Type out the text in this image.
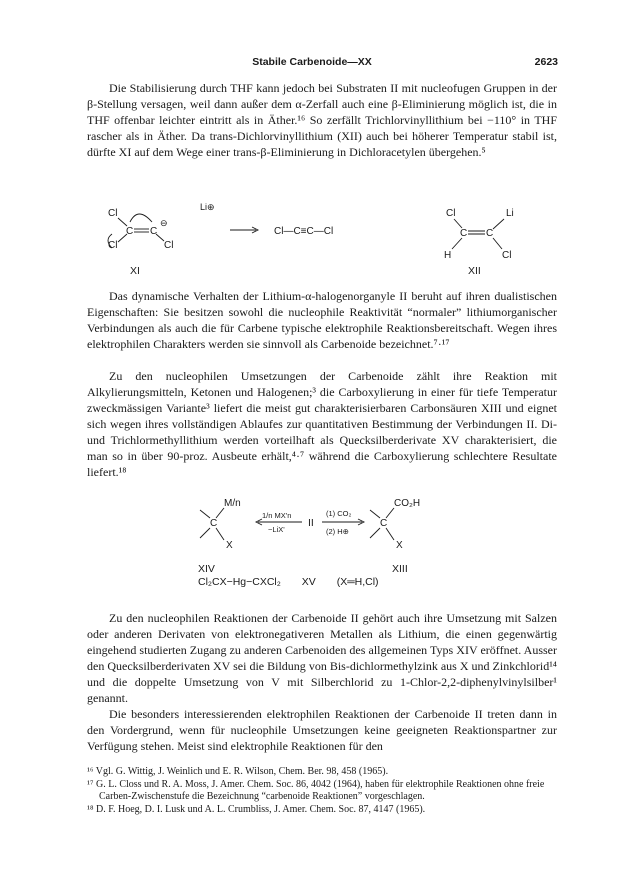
Stabile Carbenoide—XX	2623

Die Stabilisierung durch THF kann jedoch bei Substraten II mit nucleofugen Gruppen in der β-Stellung versagen, weil dann außer dem α-Zerfall auch eine β-Eliminierung möglich ist, die in THF offenbar leichter eintritt als in Äther.¹⁶ So zerfällt Trichlorvinyllithium bei −110° in THF rascher als in Äther. Da trans-Dichlorvinyllithium (XII) auch bei höherer Temperatur stabil ist, dürfte XI auf dem Wege einer trans-β-Eliminierung in Dichloracetylen übergehen.⁵

Cl
Cl
C C
Cl
⊖
Li⊕
XI
Cl—C≡C—Cl
Cl	Li
C C
H	Cl
XII

Das dynamische Verhalten der Lithium-α-halogenorganyle II beruht auf ihren dualistischen Eigenschaften: Sie besitzen sowohl die nucleophile Reaktivität “normaler” lithiumorganischer Verbindungen als auch die für Carbene typische elektrophile Reaktionsbereitschaft. Wegen ihres elektrophilen Charakters werden sie sinnvoll als Carbenoide bezeichnet.⁷·¹⁷

Zu den nucleophilen Umsetzungen der Carbenoide zählt ihre Reaktion mit Alkylierungsmitteln, Ketonen und Halogenen;³ die Carboxylierung in einer für tiefe Temperatur zweckmässigen Variante³ liefert die meist gut charakterisierbaren Carbonsäuren XIII und eignet sich wegen ihres vollständigen Ablaufes zur quantitativen Bestimmung der Verbindungen II. Di- und Trichlormethyllithium werden vorteilhaft als Quecksilberderivate XV charakterisiert, die man so in über 90-proz. Ausbeute erhält,⁴·⁷ während die Carboxylierung schlechtere Resultate liefert.¹⁸

M/n
C
X
XIV
1/n MX'n
−LiX'
II
(1) CO₂
(2) H⊕
CO₂H
C
X
XIII
Cl₂CX−Hg−CXCl₂ XV (X═H,Cl)

Zu den nucleophilen Reaktionen der Carbenoide II gehört auch ihre Umsetzung mit Salzen oder anderen Derivaten von elektronegativeren Metallen als Lithium, die einen gegenwärtig eingehend studierten Zugang zu anderen Carbenoiden des allgemeinen Typs XIV eröffnet. Ausser den Quecksilberderivaten XV sei die Bildung von Bis-dichlormethylzink aus X und Zinkchlorid¹⁴ und die doppelte Umsetzung von V mit Silberchlorid zu 1-Chlor-2,2-diphenylvinylsilber¹ genannt.

Die besonders interessierenden elektrophilen Reaktionen der Carbenoide II treten dann in den Vordergrund, wenn für nucleophile Umsetzungen keine geeigneten Reaktionspartner zur Verfügung stehen. Meist sind elektrophile Reaktionen für den

¹⁶ Vgl. G. Wittig, J. Weinlich und E. R. Wilson, Chem. Ber. 98, 458 (1965).
¹⁷ G. L. Closs und R. A. Moss, J. Amer. Chem. Soc. 86, 4042 (1964), haben für elektrophile Reaktionen ohne freie Carben-Zwischenstufe die Bezeichnung “carbenoide Reaktionen” vorgeschlagen.
¹⁸ D. F. Hoeg, D. I. Lusk und A. L. Crumbliss, J. Amer. Chem. Soc. 87, 4147 (1965).
